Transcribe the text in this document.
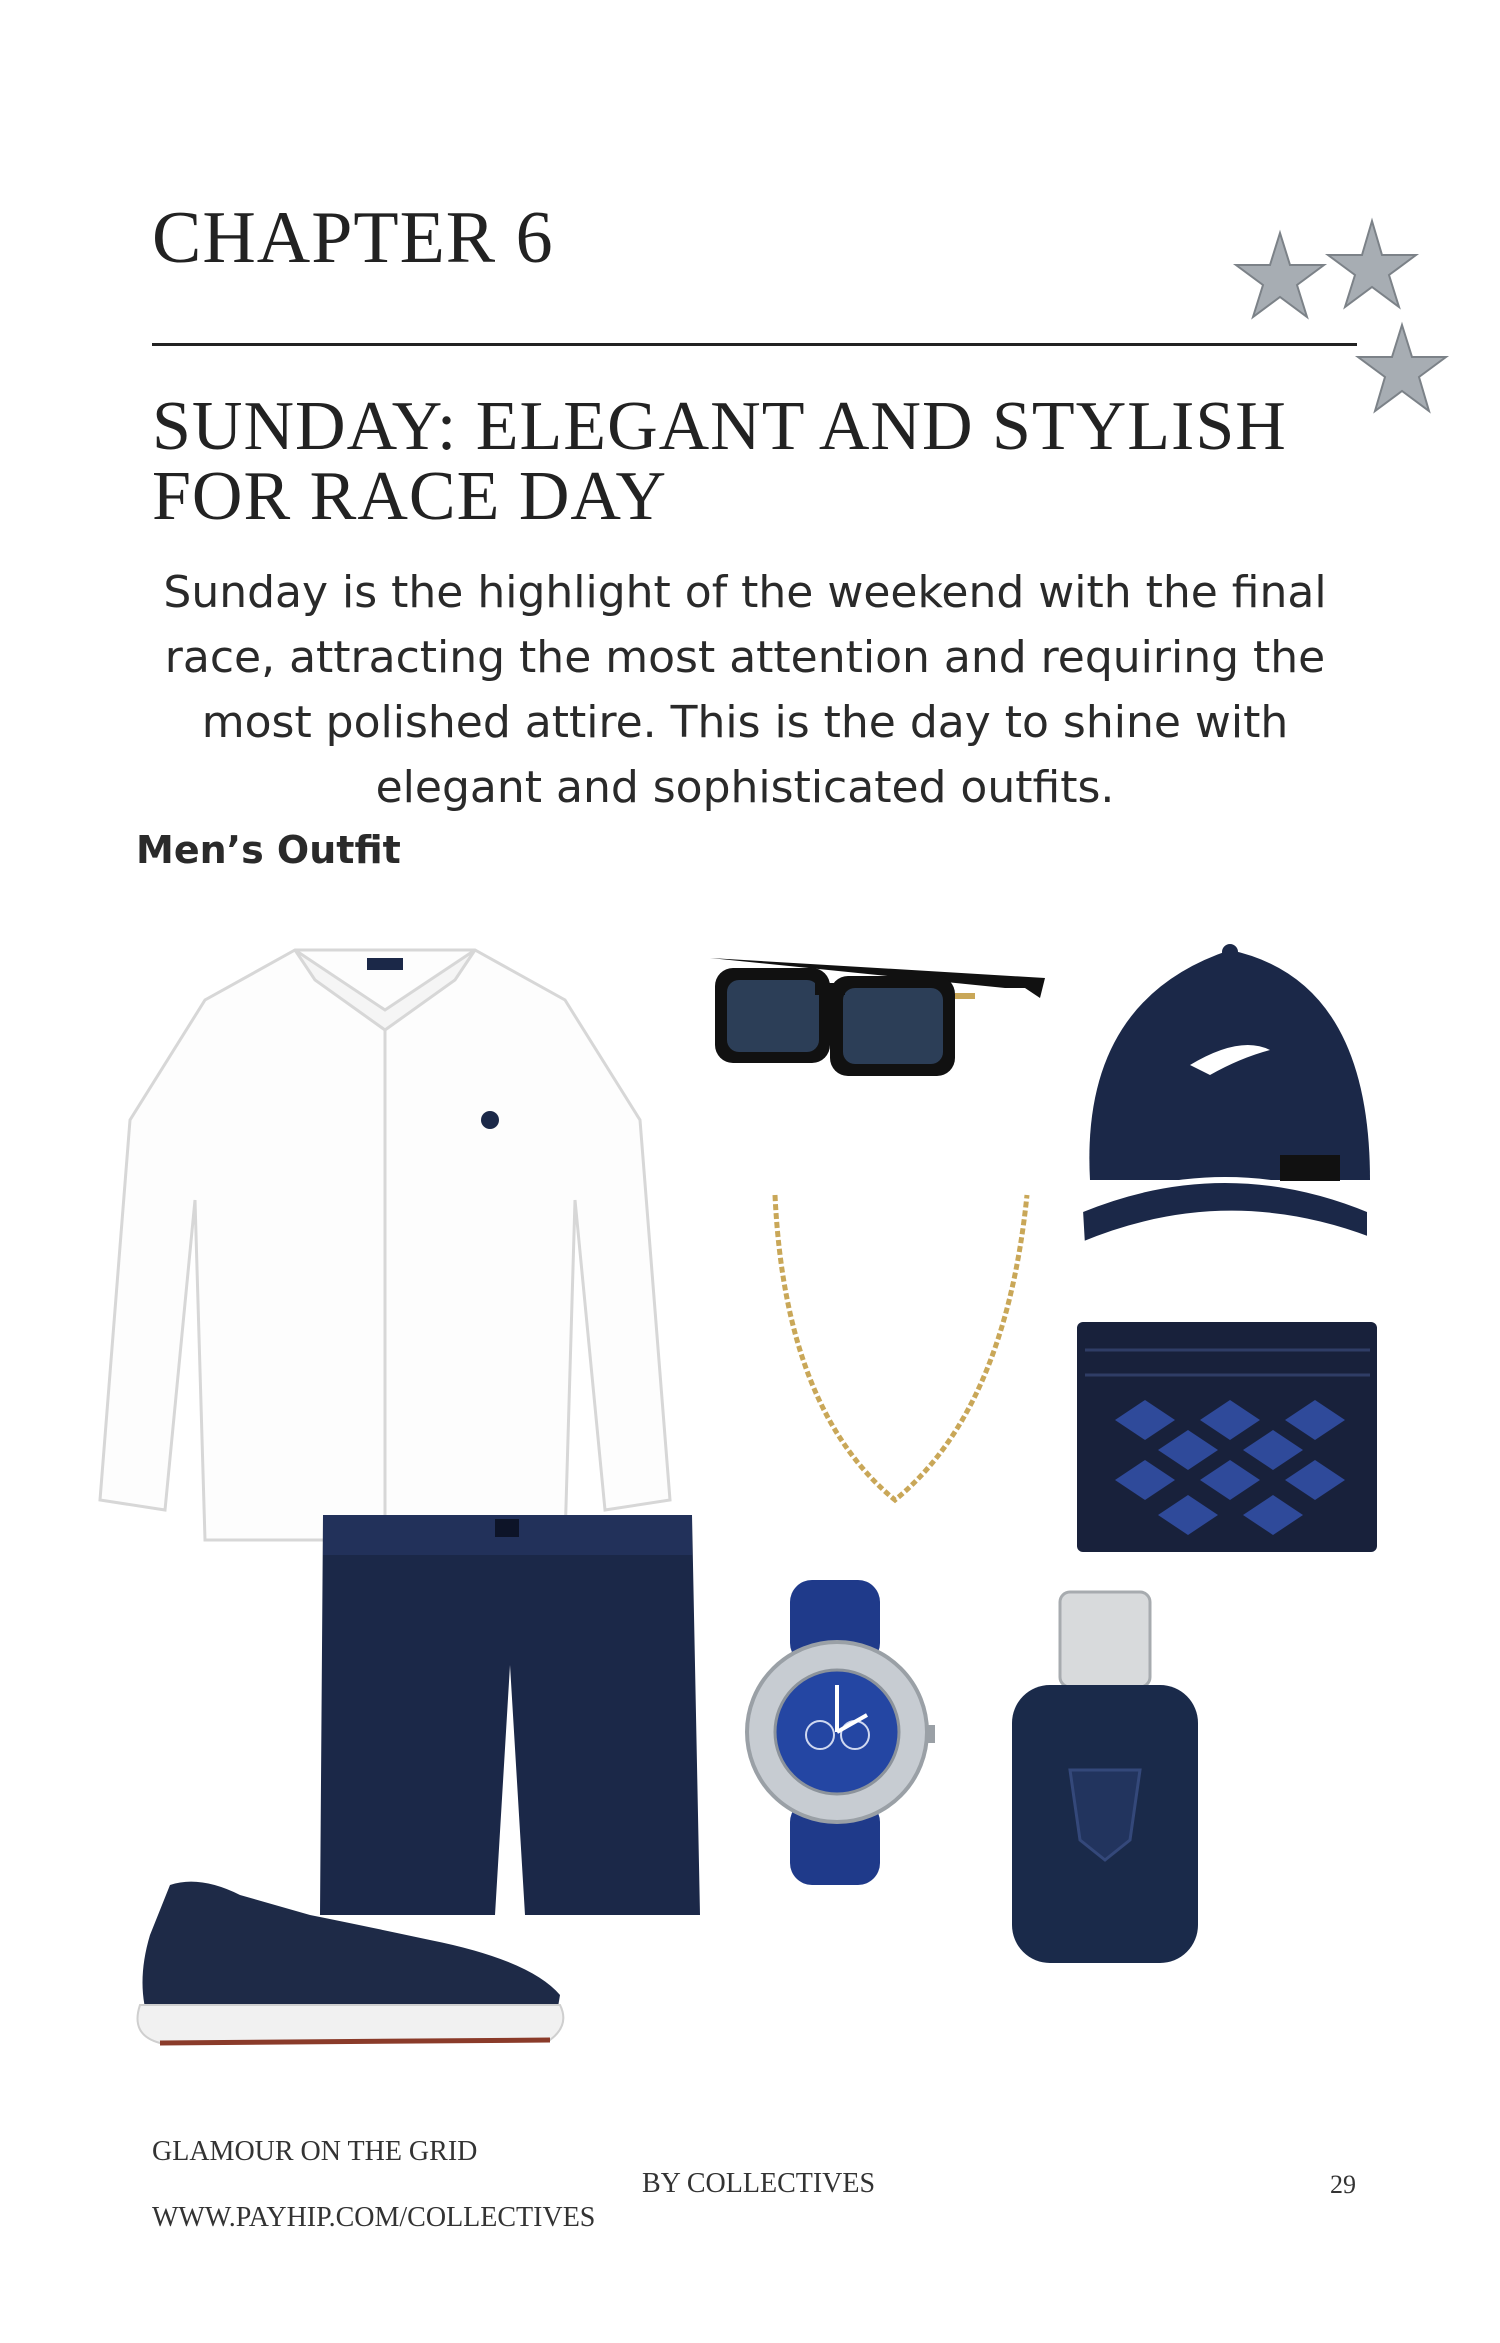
CHAPTER 6
SUNDAY: ELEGANT AND STYLISH FOR RACE DAY
Sunday is the highlight of the weekend with the final race, attracting the most attention and requiring the most polished attire. This is the day to shine with elegant and sophisticated outfits.
Men’s Outfit
GLAMOUR ON THE GRID
WWW.PAYHIP.COM/COLLECTIVES
BY COLLECTIVES	29
